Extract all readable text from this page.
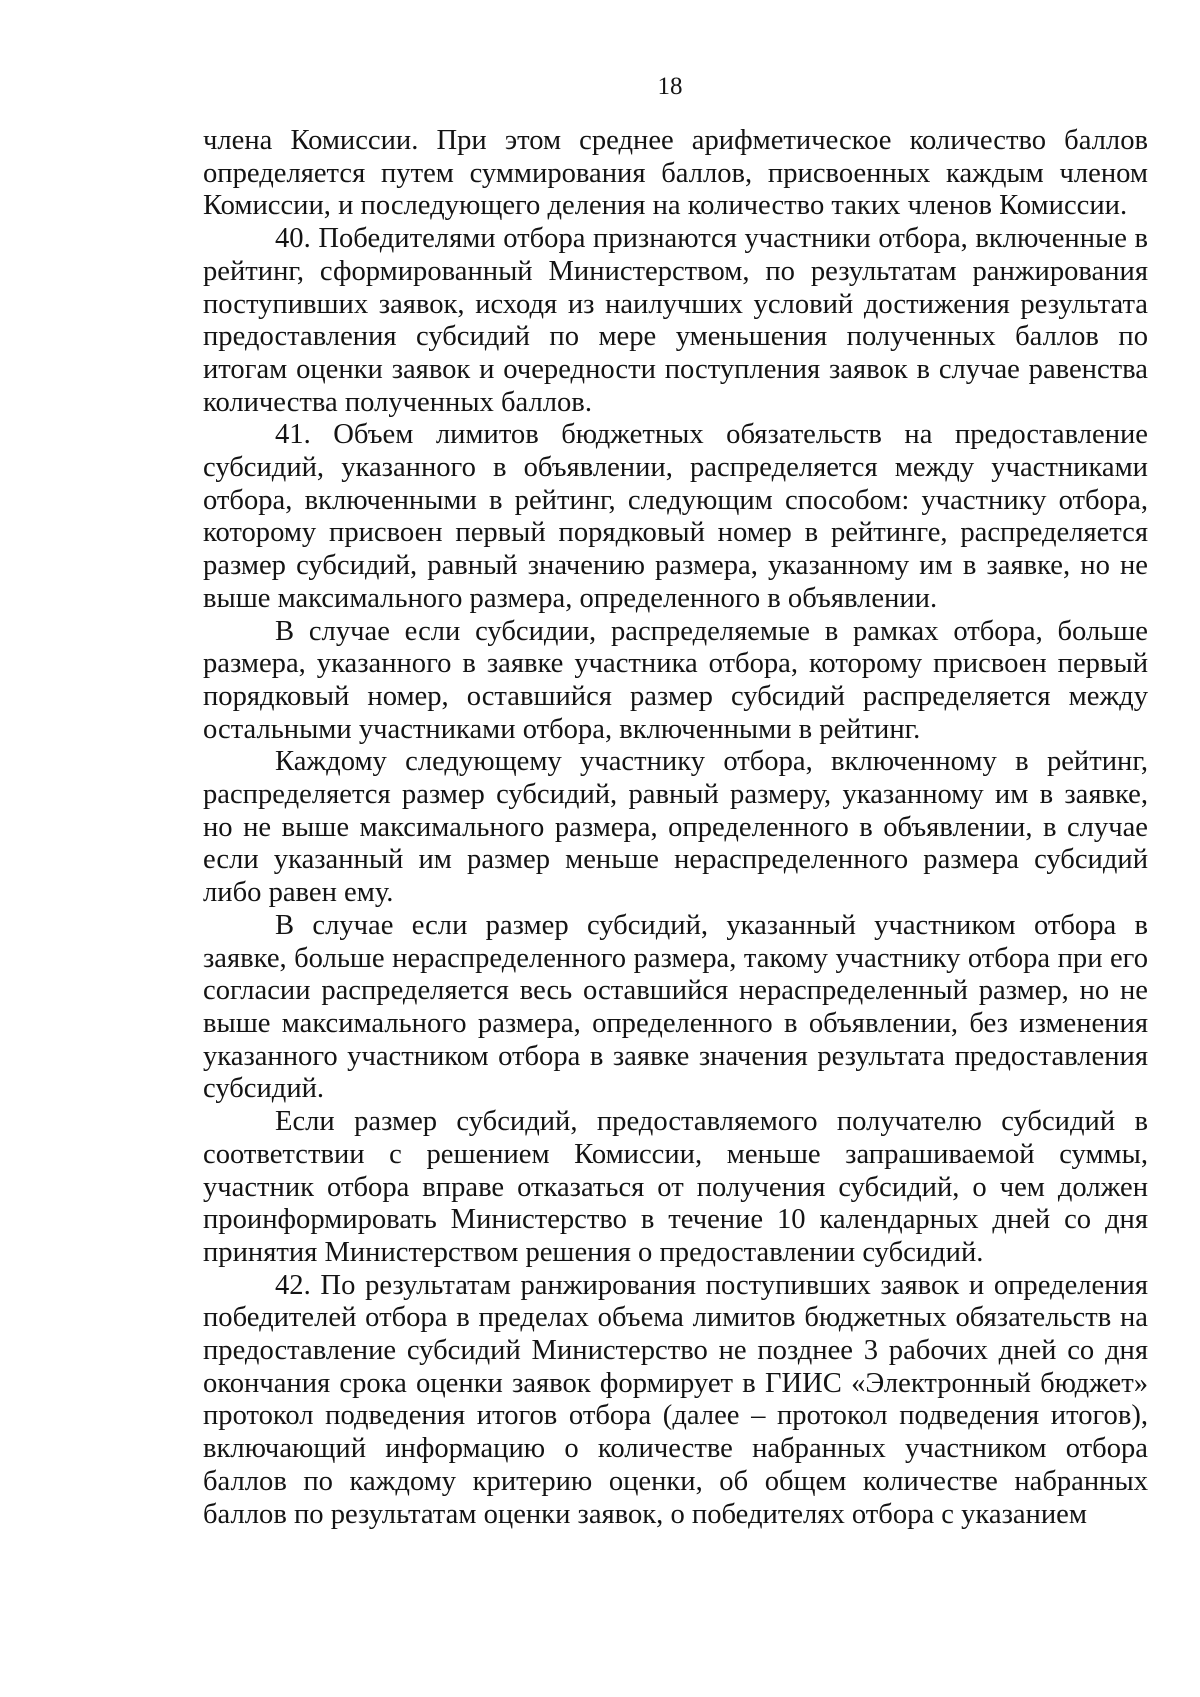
18

члена Комиссии. При этом среднее арифметическое количество баллов определяется путем суммирования баллов, присвоенных каждым членом Комиссии, и последующего деления на количество таких членов Комиссии.

40. Победителями отбора признаются участники отбора, включенные в рейтинг, сформированный Министерством, по результатам ранжирования поступивших заявок, исходя из наилучших условий достижения результата предоставления субсидий по мере уменьшения полученных баллов по итогам оценки заявок и очередности поступления заявок в случае равенства количества полученных баллов.

41. Объем лимитов бюджетных обязательств на предоставление субсидий, указанного в объявлении, распределяется между участниками отбора, включенными в рейтинг, следующим способом: участнику отбора, которому присвоен первый порядковый номер в рейтинге, распределяется размер субсидий, равный значению размера, указанному им в заявке, но не выше максимального размера, определенного в объявлении.

В случае если субсидии, распределяемые в рамках отбора, больше размера, указанного в заявке участника отбора, которому присвоен первый порядковый номер, оставшийся размер субсидий распределяется между остальными участниками отбора, включенными в рейтинг.

Каждому следующему участнику отбора, включенному в рейтинг, распределяется размер субсидий, равный размеру, указанному им в заявке, но не выше максимального размера, определенного в объявлении, в случае если указанный им размер меньше нераспределенного размера субсидий либо равен ему.

В случае если размер субсидий, указанный участником отбора в заявке, больше нераспределенного размера, такому участнику отбора при его согласии распределяется весь оставшийся нераспределенный размер, но не выше максимального размера, определенного в объявлении, без изменения указанного участником отбора в заявке значения результата предоставления субсидий.

Если размер субсидий, предоставляемого получателю субсидий в соответствии с решением Комиссии, меньше запрашиваемой суммы, участник отбора вправе отказаться от получения субсидий, о чем должен проинформировать Министерство в течение 10 календарных дней со дня принятия Министерством решения о предоставлении субсидий.

42. По результатам ранжирования поступивших заявок и определения победителей отбора в пределах объема лимитов бюджетных обязательств на предоставление субсидий Министерство не позднее 3 рабочих дней со дня окончания срока оценки заявок формирует в ГИИС «Электронный бюджет» протокол подведения итогов отбора (далее – протокол подведения итогов), включающий информацию о количестве набранных участником отбора баллов по каждому критерию оценки, об общем количестве набранных баллов по результатам оценки заявок, о победителях отбора с указанием
